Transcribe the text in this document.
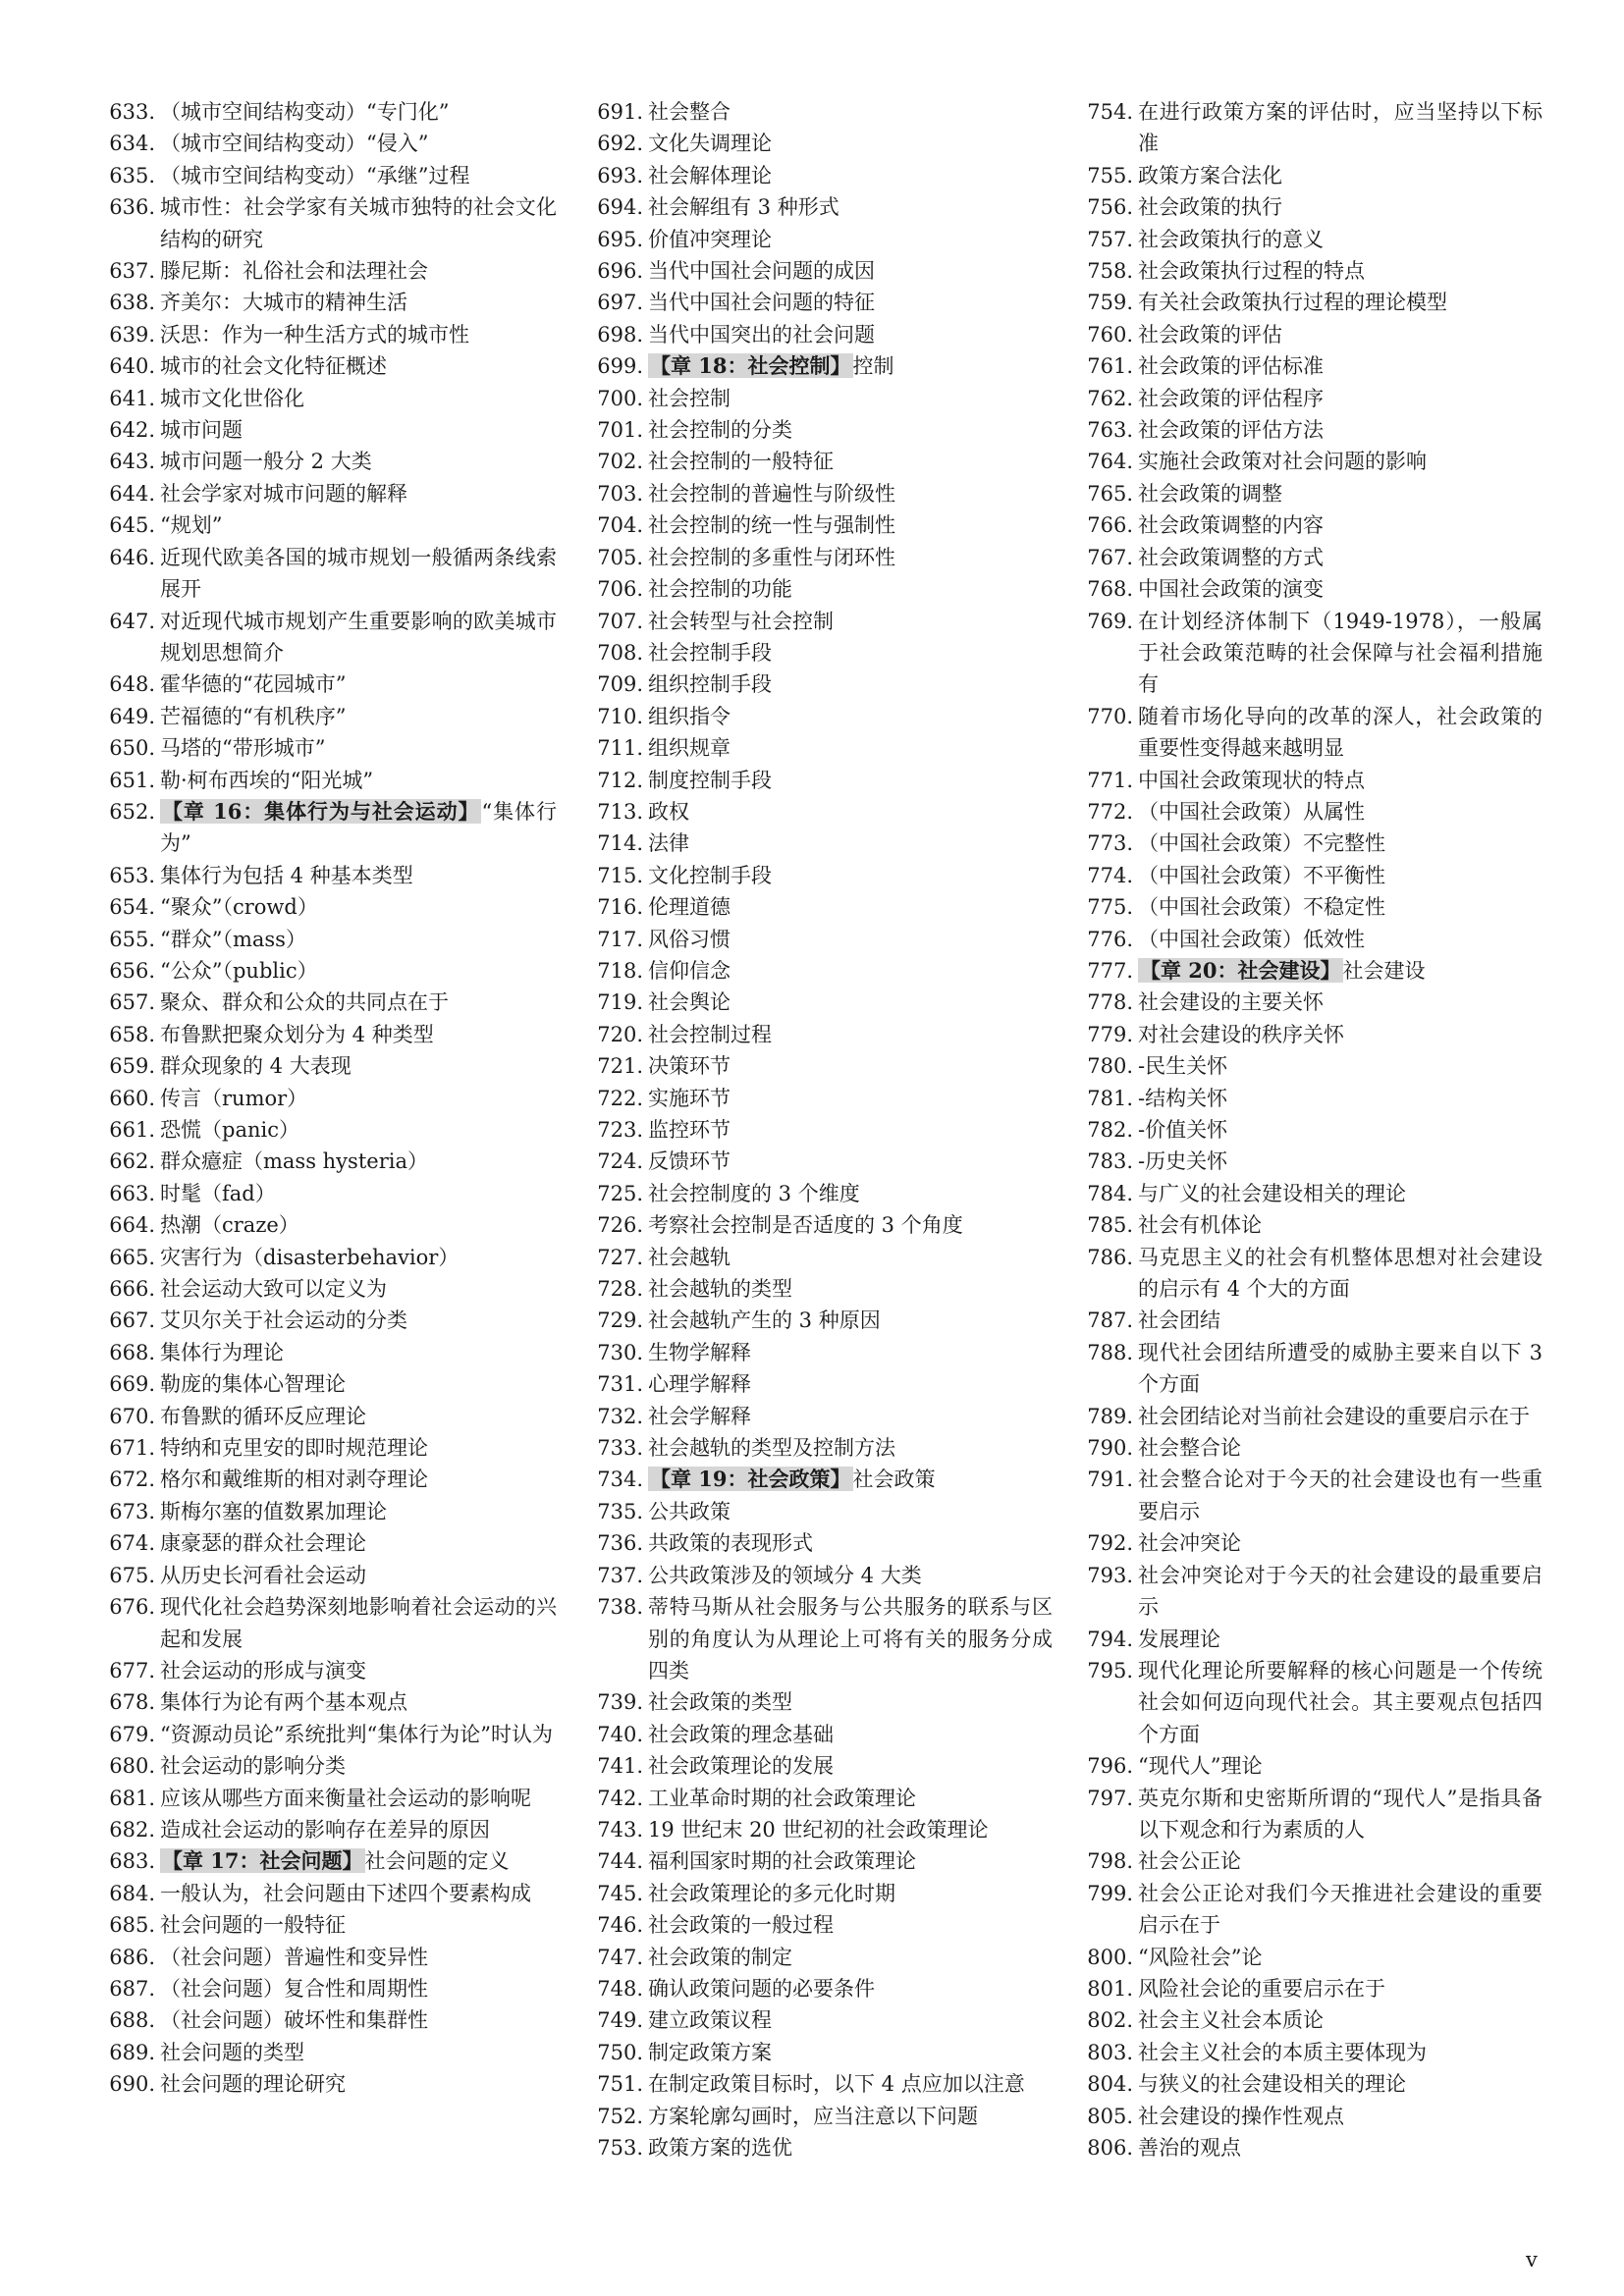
633. （城市空间结构变动）“专门化”
634. （城市空间结构变动）“侵入”
635. （城市空间结构变动）“承继”过程
636. 城市性：社会学家有关城市独特的社会文化结构的研究
637. 滕尼斯：礼俗社会和法理社会
638. 齐美尔：大城市的精神生活
639. 沃思：作为一种生活方式的城市性
640. 城市的社会文化特征概述
641. 城市文化世俗化
642. 城市问题
643. 城市问题一般分 2 大类
644. 社会学家对城市问题的解释
645. “规划”
646. 近现代欧美各国的城市规划一般循两条线索展开
647. 对近现代城市规划产生重要影响的欧美城市规划思想简介
648. 霍华德的“花园城市”
649. 芒福德的“有机秩序”
650. 马塔的“带形城市”
651. 勒·柯布西埃的“阳光城”
652. 【章 16：集体行为与社会运动】“集体行为”
653. 集体行为包括 4 种基本类型
654. “聚众”（crowd）
655. “群众”（mass）
656. “公众”（public）
657. 聚众、群众和公众的共同点在于
658. 布鲁默把聚众划分为 4 种类型
659. 群众现象的 4 大表现
660. 传言（rumor）
661. 恐慌（panic）
662. 群众癔症（mass hysteria）
663. 时髦（fad）
664. 热潮（craze）
665. 灾害行为（disasterbehavior）
666. 社会运动大致可以定义为
667. 艾贝尔关于社会运动的分类
668. 集体行为理论
669. 勒庞的集体心智理论
670. 布鲁默的循环反应理论
671. 特纳和克里安的即时规范理论
672. 格尔和戴维斯的相对剥夺理论
673. 斯梅尔塞的值数累加理论
674. 康豪瑟的群众社会理论
675. 从历史长河看社会运动
676. 现代化社会趋势深刻地影响着社会运动的兴起和发展
677. 社会运动的形成与演变
678. 集体行为论有两个基本观点
679. “资源动员论”系统批判“集体行为论”时认为
680. 社会运动的影响分类
681. 应该从哪些方面来衡量社会运动的影响呢
682. 造成社会运动的影响存在差异的原因
683. 【章 17：社会问题】社会问题的定义
684. 一般认为，社会问题由下述四个要素构成
685. 社会问题的一般特征
686. （社会问题）普遍性和变异性
687. （社会问题）复合性和周期性
688. （社会问题）破坏性和集群性
689. 社会问题的类型
690. 社会问题的理论研究
691. 社会整合
692. 文化失调理论
693. 社会解体理论
694. 社会解组有 3 种形式
695. 价值冲突理论
696. 当代中国社会问题的成因
697. 当代中国社会问题的特征
698. 当代中国突出的社会问题
699. 【章 18：社会控制】控制
700. 社会控制
701. 社会控制的分类
702. 社会控制的一般特征
703. 社会控制的普遍性与阶级性
704. 社会控制的统一性与强制性
705. 社会控制的多重性与闭环性
706. 社会控制的功能
707. 社会转型与社会控制
708. 社会控制手段
709. 组织控制手段
710. 组织指令
711. 组织规章
712. 制度控制手段
713. 政权
714. 法律
715. 文化控制手段
716. 伦理道德
717. 风俗习惯
718. 信仰信念
719. 社会舆论
720. 社会控制过程
721. 决策环节
722. 实施环节
723. 监控环节
724. 反馈环节
725. 社会控制度的 3 个维度
726. 考察社会控制是否适度的 3 个角度
727. 社会越轨
728. 社会越轨的类型
729. 社会越轨产生的 3 种原因
730. 生物学解释
731. 心理学解释
732. 社会学解释
733. 社会越轨的类型及控制方法
734. 【章 19：社会政策】社会政策
735. 公共政策
736. 共政策的表现形式
737. 公共政策涉及的领域分 4 大类
738. 蒂特马斯从社会服务与公共服务的联系与区别的角度认为从理论上可将有关的服务分成四类
739. 社会政策的类型
740. 社会政策的理念基础
741. 社会政策理论的发展
742. 工业革命时期的社会政策理论
743. 19 世纪末 20 世纪初的社会政策理论
744. 福利国家时期的社会政策理论
745. 社会政策理论的多元化时期
746. 社会政策的一般过程
747. 社会政策的制定
748. 确认政策问题的必要条件
749. 建立政策议程
750. 制定政策方案
751. 在制定政策目标时，以下 4 点应加以注意
752. 方案轮廓勾画时，应当注意以下问题
753. 政策方案的选优
754. 在进行政策方案的评估时，应当坚持以下标准
755. 政策方案合法化
756. 社会政策的执行
757. 社会政策执行的意义
758. 社会政策执行过程的特点
759. 有关社会政策执行过程的理论模型
760. 社会政策的评估
761. 社会政策的评估标准
762. 社会政策的评估程序
763. 社会政策的评估方法
764. 实施社会政策对社会问题的影响
765. 社会政策的调整
766. 社会政策调整的内容
767. 社会政策调整的方式
768. 中国社会政策的演变
769. 在计划经济体制下（1949-1978），一般属于社会政策范畴的社会保障与社会福利措施有
770. 随着市场化导向的改革的深人，社会政策的重要性变得越来越明显
771. 中国社会政策现状的特点
772. （中国社会政策）从属性
773. （中国社会政策）不完整性
774. （中国社会政策）不平衡性
775. （中国社会政策）不稳定性
776. （中国社会政策）低效性
777. 【章 20：社会建设】社会建设
778. 社会建设的主要关怀
779. 对社会建设的秩序关怀
780. -民生关怀
781. -结构关怀
782. -价值关怀
783. -历史关怀
784. 与广义的社会建设相关的理论
785. 社会有机体论
786. 马克思主义的社会有机整体思想对社会建设的启示有 4 个大的方面
787. 社会团结
788. 现代社会团结所遭受的威胁主要来自以下 3 个方面
789. 社会团结论对当前社会建设的重要启示在于
790. 社会整合论
791. 社会整合论对于今天的社会建设也有一些重要启示
792. 社会冲突论
793. 社会冲突论对于今天的社会建设的最重要启示
794. 发展理论
795. 现代化理论所要解释的核心问题是一个传统社会如何迈向现代社会。其主要观点包括四个方面
796. “现代人”理论
797. 英克尔斯和史密斯所谓的“现代人”是指具备以下观念和行为素质的人
798. 社会公正论
799. 社会公正论对我们今天推进社会建设的重要启示在于
800. “风险社会”论
801. 风险社会论的重要启示在于
802. 社会主义社会本质论
803. 社会主义社会的本质主要体现为
804. 与狭义的社会建设相关的理论
805. 社会建设的操作性观点
806. 善治的观点
v
